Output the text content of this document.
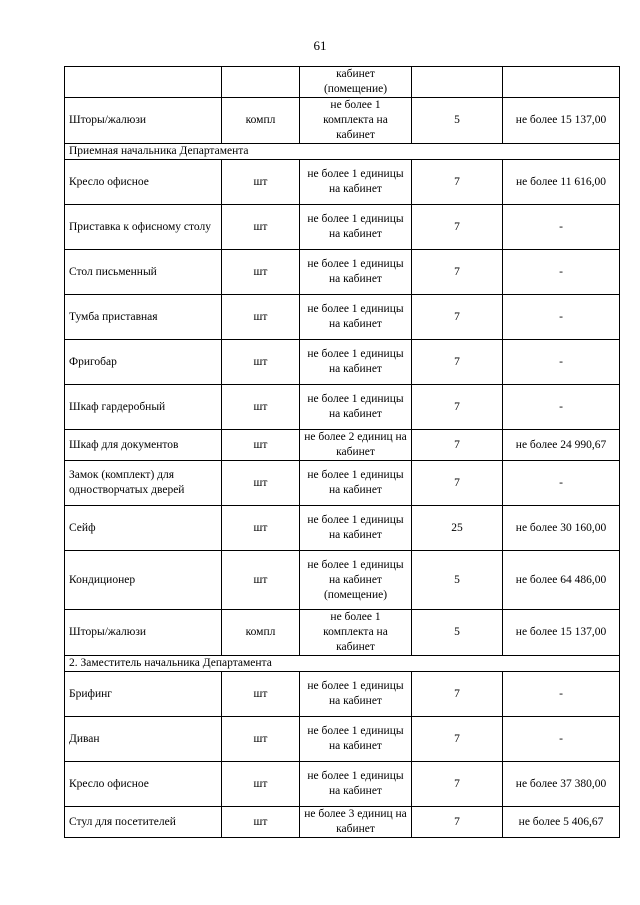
61
		кабинет (помещение)		
Шторы/жалюзи	компл	не более 1 комплекта на кабинет	5	не более 15 137,00
Приемная начальника Департамента				
Кресло офисное	шт	не более 1 единицы на кабинет	7	не более 11 616,00
Приставка к офисному столу	шт	не более 1 единицы на кабинет	7	-
Стол письменный	шт	не более 1 единицы на кабинет	7	-
Тумба приставная	шт	не более 1 единицы на кабинет	7	-
Фригобар	шт	не более 1 единицы на кабинет	7	-
Шкаф гардеробный	шт	не более 1 единицы на кабинет	7	-
Шкаф для документов	шт	не более 2 единиц на кабинет	7	не более 24 990,67
Замок (комплект) для одностворчатых дверей	шт	не более 1 единицы на кабинет	7	-
Сейф	шт	не более 1 единицы на кабинет	25	не более 30 160,00
Кондиционер	шт	не более 1 единицы на кабинет (помещение)	5	не более 64 486,00
Шторы/жалюзи	компл	не более 1 комплекта на кабинет	5	не более 15 137,00
2. Заместитель начальника Департамента				
Брифинг	шт	не более 1 единицы на кабинет	7	-
Диван	шт	не более 1 единицы на кабинет	7	-
Кресло офисное	шт	не более 1 единицы на кабинет	7	не более 37 380,00
Стул для посетителей	шт	не более 3 единиц на кабинет	7	не более 5 406,67
